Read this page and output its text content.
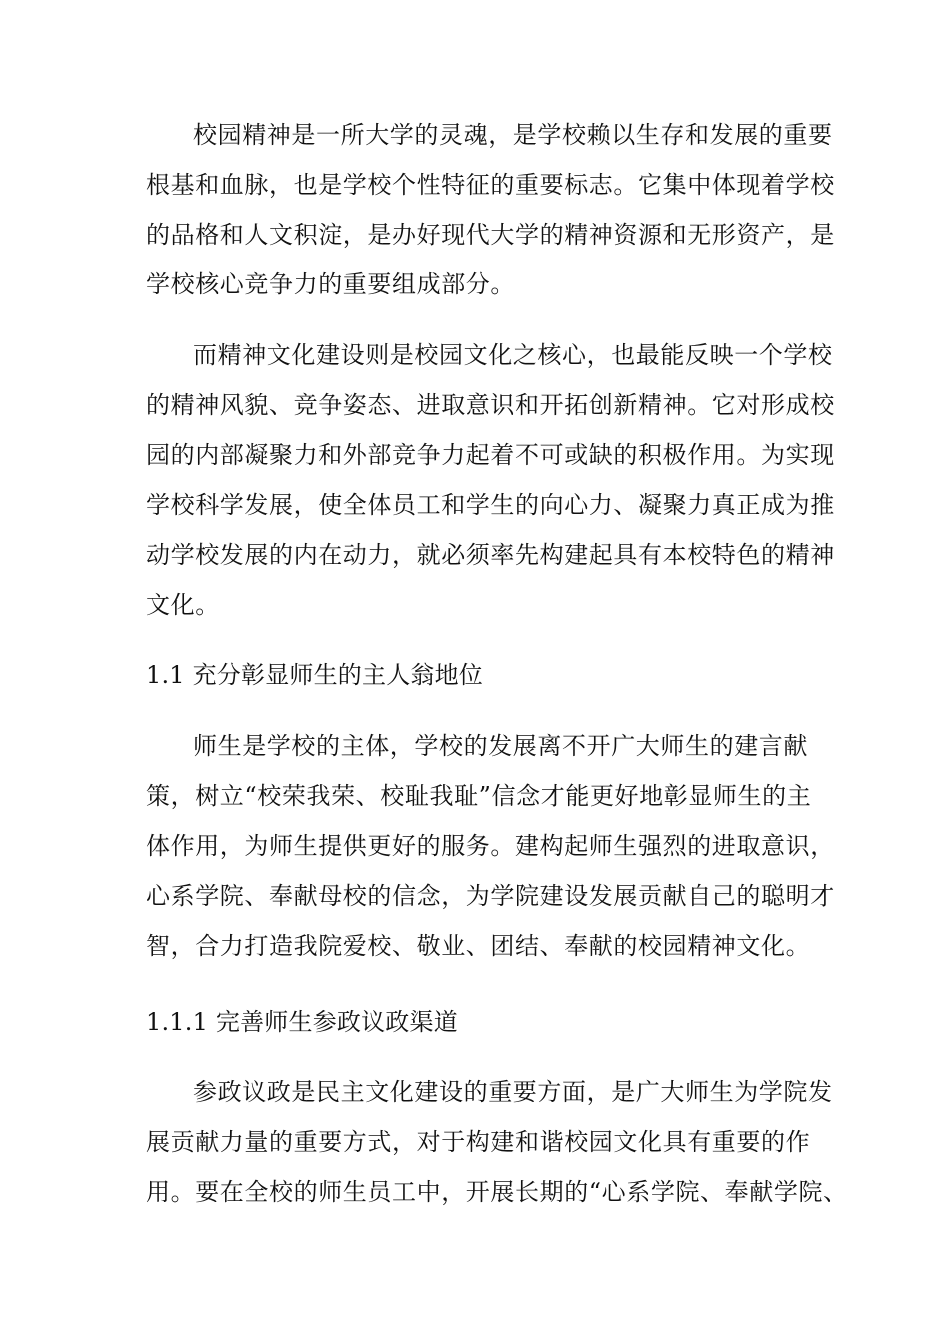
校园精神是一所大学的灵魂，是学校赖以生存和发展的重要
根基和血脉，也是学校个性特征的重要标志。它集中体现着学校
的品格和人文积淀，是办好现代大学的精神资源和无形资产，是
学校核心竞争力的重要组成部分。
而精神文化建设则是校园文化之核心，也最能反映一个学校
的精神风貌、竞争姿态、进取意识和开拓创新精神。它对形成校
园的内部凝聚力和外部竞争力起着不可或缺的积极作用。为实现
学校科学发展，使全体员工和学生的向心力、凝聚力真正成为推
动学校发展的内在动力，就必须率先构建起具有本校特色的精神
文化。
1.1 充分彰显师生的主人翁地位
师生是学校的主体，学校的发展离不开广大师生的建言献
策，树立“校荣我荣、校耻我耻”信念才能更好地彰显师生的主
体作用，为师生提供更好的服务。建构起师生强烈的进取意识，
心系学院、奉献母校的信念，为学院建设发展贡献自己的聪明才
智，合力打造我院爱校、敬业、团结、奉献的校园精神文化。
1.1.1 完善师生参政议政渠道
参政议政是民主文化建设的重要方面，是广大师生为学院发
展贡献力量的重要方式，对于构建和谐校园文化具有重要的作
用。要在全校的师生员工中，开展长期的“心系学院、奉献学院、
